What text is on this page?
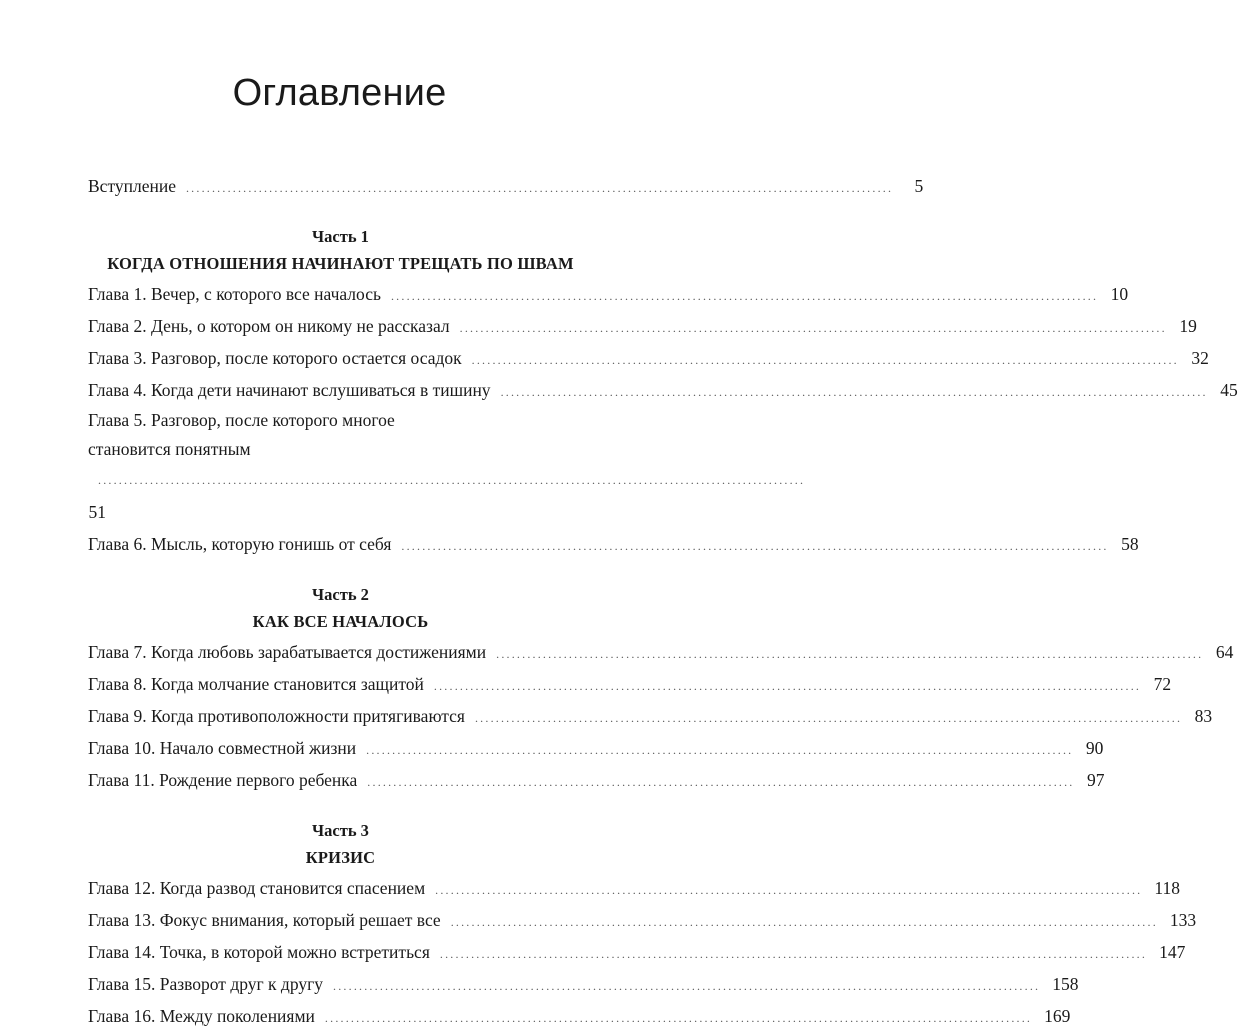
Оглавление
Вступление ........................................................................................................................................	5
Часть 1
КОГДА ОТНОШЕНИЯ НАЧИНАЮТ ТРЕЩАТЬ ПО ШВАМ
Глава 1. Вечер, с которого все началось ........................................................................................................................................ 10
Глава 2. День, о котором он никому не рассказал ........................................................................................................................................ 19
Глава 3. Разговор, после которого остается осадок ........................................................................................................................................ 32
Глава 4. Когда дети начинают вслушиваться в тишину ........................................................................................................................................ 45
Глава 5. Разговор, после которого многое
становится понятным
........................................................................................................................................
51
Глава 6. Мысль, которую гонишь от себя ........................................................................................................................................ 58
Часть 2
КАК ВСЕ НАЧАЛОСЬ
Глава 7. Когда любовь зарабатывается достижениями ........................................................................................................................................ 64
Глава 8. Когда молчание становится защитой ........................................................................................................................................ 72
Глава 9. Когда противоположности притягиваются ........................................................................................................................................ 83
Глава 10. Начало совместной жизни ........................................................................................................................................ 90
Глава 11. Рождение первого ребенка ........................................................................................................................................ 97
Часть 3
КРИЗИС
Глава 12. Когда развод становится спасением ........................................................................................................................................ 118
Глава 13. Фокус внимания, который решает все ........................................................................................................................................ 133
Глава 14. Точка, в которой можно встретиться ........................................................................................................................................ 147
Глава 15. Разворот друг к другу ........................................................................................................................................ 158
Глава 16. Между поколениями ........................................................................................................................................ 169
